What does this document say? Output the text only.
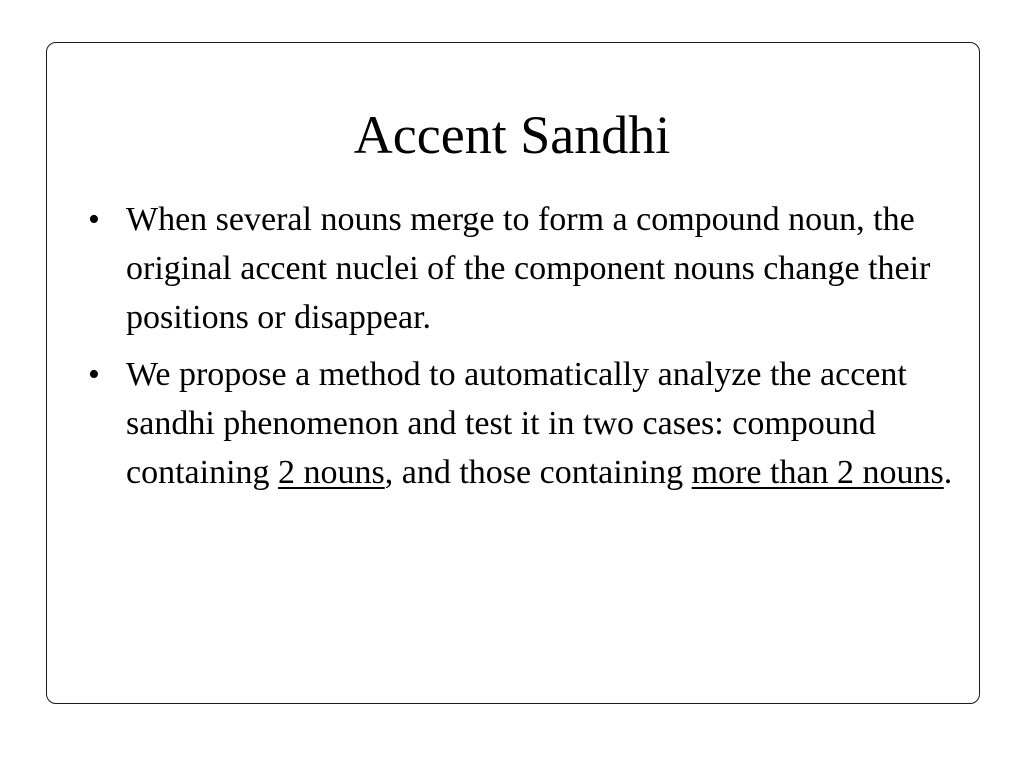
Accent Sandhi
• When several nouns merge to form a compound noun, the original accent nuclei of the component nouns change their positions or disappear.
• We propose a method to automatically analyze the accent sandhi phenomenon and test it in two cases: compound containing 2 nouns, and those containing more than 2 nouns.
